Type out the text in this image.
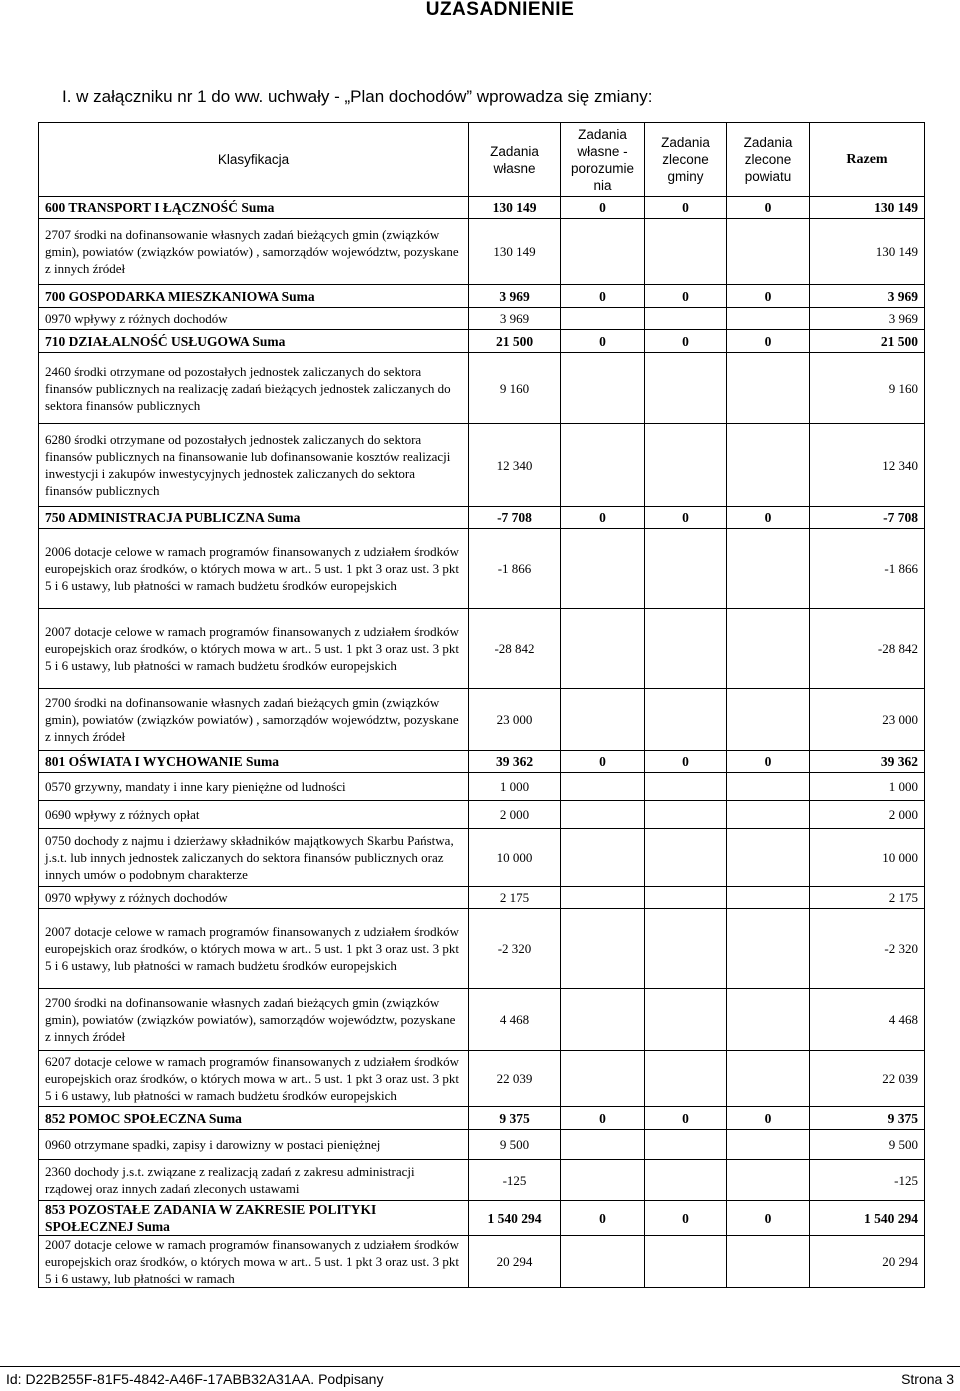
UZASADNIENIE
I. w załączniku nr 1 do ww. uchwały - „Plan dochodów” wprowadza się zmiany:
Klasyfikacja	Zadania własne	Zadania własne - porozumie nia	Zadania zlecone gminy	Zadania zlecone powiatu	Razem
600 TRANSPORT I ŁĄCZNOŚĆ Suma	130 149	0	0	0	130 149
2707 środki na dofinansowanie własnych zadań bieżących gmin (związków gmin), powiatów (związków powiatów) , samorządów województw, pozyskane z innych źródeł	130 149				130 149
700 GOSPODARKA MIESZKANIOWA Suma	3 969	0	0	0	3 969
0970 wpływy z różnych dochodów	3 969				3 969
710 DZIAŁALNOŚĆ USŁUGOWA Suma	21 500	0	0	0	21 500
2460 środki otrzymane od pozostałych jednostek zaliczanych do sektora finansów publicznych na realizację zadań bieżących jednostek zaliczanych do sektora finansów publicznych	9 160				9 160
6280 środki otrzymane od pozostałych jednostek zaliczanych do sektora finansów publicznych na finansowanie lub dofinansowanie kosztów realizacji inwestycji i zakupów inwestycyjnych jednostek zaliczanych do sektora finansów publicznych	12 340				12 340
750 ADMINISTRACJA PUBLICZNA Suma	-7 708	0	0	0	-7 708
2006 dotacje celowe w ramach programów finansowanych z udziałem środków europejskich oraz środków, o których mowa w art.. 5 ust. 1 pkt 3 oraz ust. 3 pkt 5 i 6 ustawy, lub płatności w ramach budżetu środków europejskich	-1 866				-1 866
2007 dotacje celowe w ramach programów finansowanych z udziałem środków europejskich oraz środków, o których mowa w art.. 5 ust. 1 pkt 3 oraz ust. 3 pkt 5 i 6 ustawy, lub płatności w ramach budżetu środków europejskich	-28 842				-28 842
2700 środki na dofinansowanie własnych zadań bieżących gmin (związków gmin), powiatów (związków powiatów) , samorządów województw, pozyskane z innych źródeł	23 000				23 000
801 OŚWIATA I WYCHOWANIE Suma	39 362	0	0	0	39 362
0570 grzywny, mandaty i inne kary pieniężne od ludności	1 000				1 000
0690 wpływy z różnych opłat	2 000				2 000
0750 dochody z najmu i dzierżawy składników majątkowych Skarbu Państwa, j.s.t. lub innych jednostek zaliczanych do sektora finansów publicznych oraz innych umów o podobnym charakterze	10 000				10 000
0970 wpływy z różnych dochodów	2 175				2 175
2007 dotacje celowe w ramach programów finansowanych z udziałem środków europejskich oraz środków, o których mowa w art.. 5 ust. 1 pkt 3 oraz ust. 3 pkt 5 i 6 ustawy, lub płatności w ramach budżetu środków europejskich	-2 320				-2 320
2700 środki na dofinansowanie własnych zadań bieżących gmin (związków gmin), powiatów (związków powiatów), samorządów województw, pozyskane z innych źródeł	4 468				4 468
6207 dotacje celowe w ramach programów finansowanych z udziałem środków europejskich oraz środków, o których mowa w art.. 5 ust. 1 pkt 3 oraz ust. 3 pkt 5 i 6 ustawy, lub płatności w ramach budżetu środków europejskich	22 039				22 039
852 POMOC SPOŁECZNA Suma	9 375	0	0	0	9 375
0960 otrzymane spadki, zapisy i darowizny w postaci pieniężnej	9 500				9 500
2360 dochody j.s.t. związane z realizacją zadań z zakresu administracji rządowej oraz innych zadań zleconych ustawami	-125				-125
853 POZOSTAŁE ZADANIA W ZAKRESIE POLITYKI SPOŁECZNEJ Suma	1 540 294	0	0	0	1 540 294
2007 dotacje celowe w ramach programów finansowanych z udziałem środków europejskich oraz środków, o których mowa w art.. 5 ust. 1 pkt 3 oraz ust. 3 pkt 5 i 6 ustawy, lub płatności w ramach	20 294				20 294
Id: D22B255F-81F5-4842-A46F-17ABB32A31AA. Podpisany	Strona 3
